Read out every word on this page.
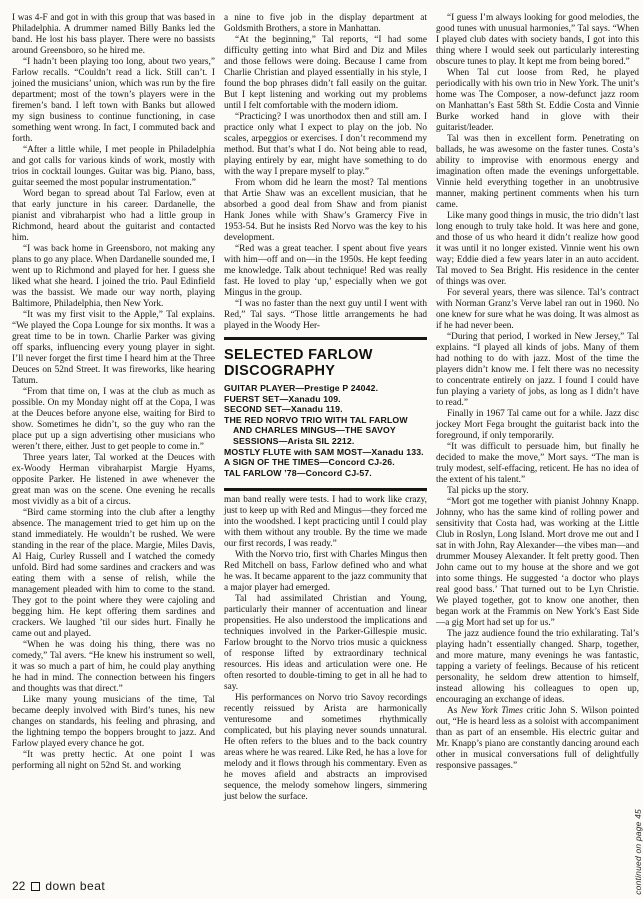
I was 4-F and got in with this group that was based in Philadelphia. A drummer named Billy Banks led the band. He lost his bass player. There were no bassists around Greensboro, so he hired me.

“I hadn’t been playing too long, about two years,” Farlow recalls. “Couldn’t read a lick. Still can’t. I joined the musicians’ union, which was run by the fire department; most of the town’s players were in the firemen’s band. I left town with Banks but allowed my sign business to continue functioning, in case something went wrong. In fact, I commuted back and forth.

“After a little while, I met people in Philadelphia and got calls for various kinds of work, mostly with trios in cocktail lounges. Guitar was big. Piano, bass, guitar seemed the most popular instrumentation.”

Word began to spread about Tal Farlow, even at that early juncture in his career. Dardanelle, the pianist and vibraharpist who had a little group in Richmond, heard about the guitarist and contacted him.

“I was back home in Greensboro, not making any plans to go any place. When Dardanelle sounded me, I went up to Richmond and played for her. I guess she liked what she heard. I joined the trio. Paul Edinfield was the bassist. We made our way north, playing Baltimore, Philadelphia, then New York.

“It was my first visit to the Apple,” Tal explains. “We played the Copa Lounge for six months. It was a great time to be in town. Charlie Parker was giving off sparks, influencing every young player in sight. I’ll never forget the first time I heard him at the Three Deuces on 52nd Street. It was fireworks, like hearing Tatum.

“From that time on, I was at the club as much as possible. On my Monday night off at the Copa, I was at the Deuces before anyone else, waiting for Bird to show. Sometimes he didn’t, so the guy who ran the place put up a sign advertising other musicians who weren’t there, either. Just to get people to come in.”

Three years later, Tal worked at the Deuces with ex-Woody Herman vibraharpist Margie Hyams, opposite Parker. He listened in awe whenever the great man was on the scene. One evening he recalls most vividly as a bit of a circus.

“Bird came storming into the club after a lengthy absence. The management tried to get him up on the stand immediately. He wouldn’t be rushed. We were standing in the rear of the place. Margie, Miles Davis, Al Haig, Curley Russell and I watched the comedy unfold. Bird had some sardines and crackers and was eating them with a sense of relish, while the management pleaded with him to come to the stand. They got to the point where they were cajoling and begging him. He kept offering them sardines and crackers. We laughed ’til our sides hurt. Finally he came out and played.

“When he was doing his thing, there was no comedy,” Tal avers. “He knew his instrument so well, it was so much a part of him, he could play anything he had in mind. The connection between his fingers and thoughts was that direct.”

Like many young musicians of the time, Tal became deeply involved with Bird’s tunes, his new changes on standards, his feeling and phrasing, and the lightning tempo the boppers brought to jazz. And Farlow played every chance he got.

“It was pretty hectic. At one point I was performing all night on 52nd St. and working

a nine to five job in the display department at Goldsmith Brothers, a store in Manhattan.

“At the beginning,” Tal reports, “I had some difficulty getting into what Bird and Diz and Miles and those fellows were doing. Because I came from Charlie Christian and played essentially in his style, I found the bop phrases didn’t fall easily on the guitar. But I kept listening and working out my problems until I felt comfortable with the modern idiom.

“Practicing? I was unorthodox then and still am. I practice only what I expect to play on the job. No scales, arpeggios or exercises. I don’t recommend my method. But that’s what I do. Not being able to read, playing entirely by ear, might have something to do with the way I prepare myself to play.”

From whom did he learn the most? Tal mentions that Artie Shaw was an excellent musician, that he absorbed a good deal from Shaw and from pianist Hank Jones while with Shaw’s Gramercy Five in 1953-54. But he insists Red Norvo was the key to his development.

“Red was a great teacher. I spent about five years with him—off and on—in the 1950s. He kept feeding me knowledge. Talk about technique! Red was really fast. He loved to play ‘up,’ especially when we got Mingus in the group.

“I was no faster than the next guy until I went with Red,” Tal says. “Those little arrangements he had played in the Woody Her-

SELECTED FARLOW DISCOGRAPHY
GUITAR PLAYER—Prestige P 24042.
FUERST SET—Xanadu 109.
SECOND SET—Xanadu 119.
THE RED NORVO TRIO WITH TAL FARLOW AND CHARLES MINGUS—THE SAVOY SESSIONS—Arista SIL 2212.
MOSTLY FLUTE with SAM MOST—Xanadu 133.
A SIGN OF THE TIMES—Concord CJ-26.
TAL FARLOW ’78—Concord CJ-57.

man band really were tests. I had to work like crazy, just to keep up with Red and Mingus—they forced me into the woodshed. I kept practicing until I could play with them without any trouble. By the time we made our first records, I was ready.”

With the Norvo trio, first with Charles Mingus then Red Mitchell on bass, Farlow defined who and what he was. It became apparent to the jazz community that a major player had emerged.

Tal had assimilated Christian and Young, particularly their manner of accentuation and linear propensities. He also understood the implications and techniques involved in the Parker-Gillespie music. Farlow brought to the Norvo trios music a quickness of response lifted by extraordinary technical resources. His ideas and articulation were one. He often resorted to double-timing to get in all he had to say.

His performances on Norvo trio Savoy recordings recently reissued by Arista are harmonically venturesome and sometimes rhythmically complicated, but his playing never sounds unnatural. He often refers to the blues and to the back country areas where he was reared. Like Red, he has a love for melody and it flows through his commentary. Even as he moves afield and abstracts an improvised sequence, the melody somehow lingers, simmering just below the surface.

“I guess I’m always looking for good melodies, the good tunes with unusual harmonies,” Tal says. “When I played club dates with society bands, I got into this thing where I would seek out particularly interesting obscure tunes to play. It kept me from being bored.”

When Tal cut loose from Red, he played periodically with his own trio in New York. The unit’s home was The Composer, a now-defunct jazz room on Manhattan’s East 58th St. Eddie Costa and Vinnie Burke worked hand in glove with their guitarist/leader.

Tal was then in excellent form. Penetrating on ballads, he was awesome on the faster tunes. Costa’s ability to improvise with enormous energy and imagination often made the evenings unforgettable. Vinnie held everything together in an unobtrusive manner, making pertinent comments when his turn came.

Like many good things in music, the trio didn’t last long enough to truly take hold. It was here and gone, and those of us who heard it didn’t realize how good it was until it no longer existed. Vinnie went his own way; Eddie died a few years later in an auto accident. Tal moved to Sea Bright. His residence in the center of things was over.

For several years, there was silence. Tal’s contract with Norman Granz’s Verve label ran out in 1960. No one knew for sure what he was doing. It was almost as if he had never been.

“During that period, I worked in New Jersey,” Tal explains. “I played all kinds of jobs. Many of them had nothing to do with jazz. Most of the time the players didn’t know me. I felt there was no necessity to concentrate entirely on jazz. I found I could have fun playing a variety of jobs, as long as I didn’t have to read.”

Finally in 1967 Tal came out for a while. Jazz disc jockey Mort Fega brought the guitarist back into the foreground, if only temporarily.

“It was difficult to persuade him, but finally he decided to make the move,” Mort says. “The man is truly modest, self-effacing, reticent. He has no idea of the extent of his talent.”

Tal picks up the story.

“Mort got me together with pianist Johnny Knapp. Johnny, who has the same kind of rolling power and sensitivity that Costa had, was working at the Little Club in Roslyn, Long Island. Mort drove me out and I sat in with John, Ray Alexander—the vibes man—and drummer Mousey Alexander. It felt pretty good. Then John came out to my house at the shore and we got into some things. He suggested ‘a doctor who plays real good bass.’ That turned out to be Lyn Christie. We played together, got to know one another, then began work at the Frammis on New York’s East Side—a gig Mort had set up for us.”

The jazz audience found the trio exhilarating. Tal’s playing hadn’t essentially changed. Sharp, together, and more mature, many evenings he was fantastic, tapping a variety of feelings. Because of his reticent personality, he seldom drew attention to himself, instead allowing his colleagues to open up, encouraging an exchange of ideas.

As New York Times critic John S. Wilson pointed out, “He is heard less as a soloist with accompaniment than as part of an ensemble. His electric guitar and Mr. Knapp’s piano are constantly dancing around each other in musical conversations full of delightfully responsive passages.”

22 down beat	continued on page 45
